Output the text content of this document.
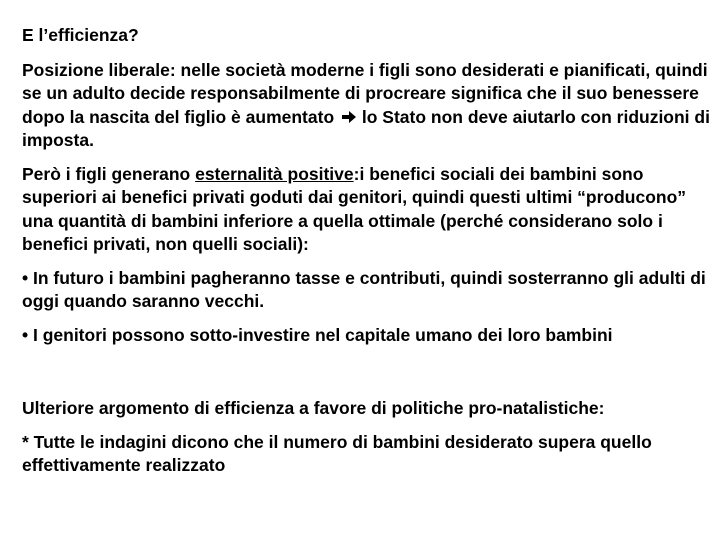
E l’efficienza?
Posizione liberale: nelle società moderne i figli sono desiderati e pianificati, quindi se un adulto decide responsabilmente di procreare significa che il suo benessere dopo la nascita del figlio è aumentato lo Stato non deve aiutarlo con riduzioni di imposta.
Però i figli generano esternalità positive:i benefici sociali dei bambini sono superiori ai benefici privati goduti dai genitori, quindi questi ultimi “producono” una quantità di bambini inferiore a quella ottimale (perché considerano solo i benefici privati, non quelli sociali):
• In futuro i bambini pagheranno tasse e contributi, quindi sosterranno gli adulti di oggi quando saranno vecchi.
• I genitori possono sotto-investire nel capitale umano dei loro bambini
Ulteriore argomento di efficienza a favore di politiche pro-natalistiche:
* Tutte le indagini dicono che il numero di bambini desiderato supera quello effettivamente realizzato
